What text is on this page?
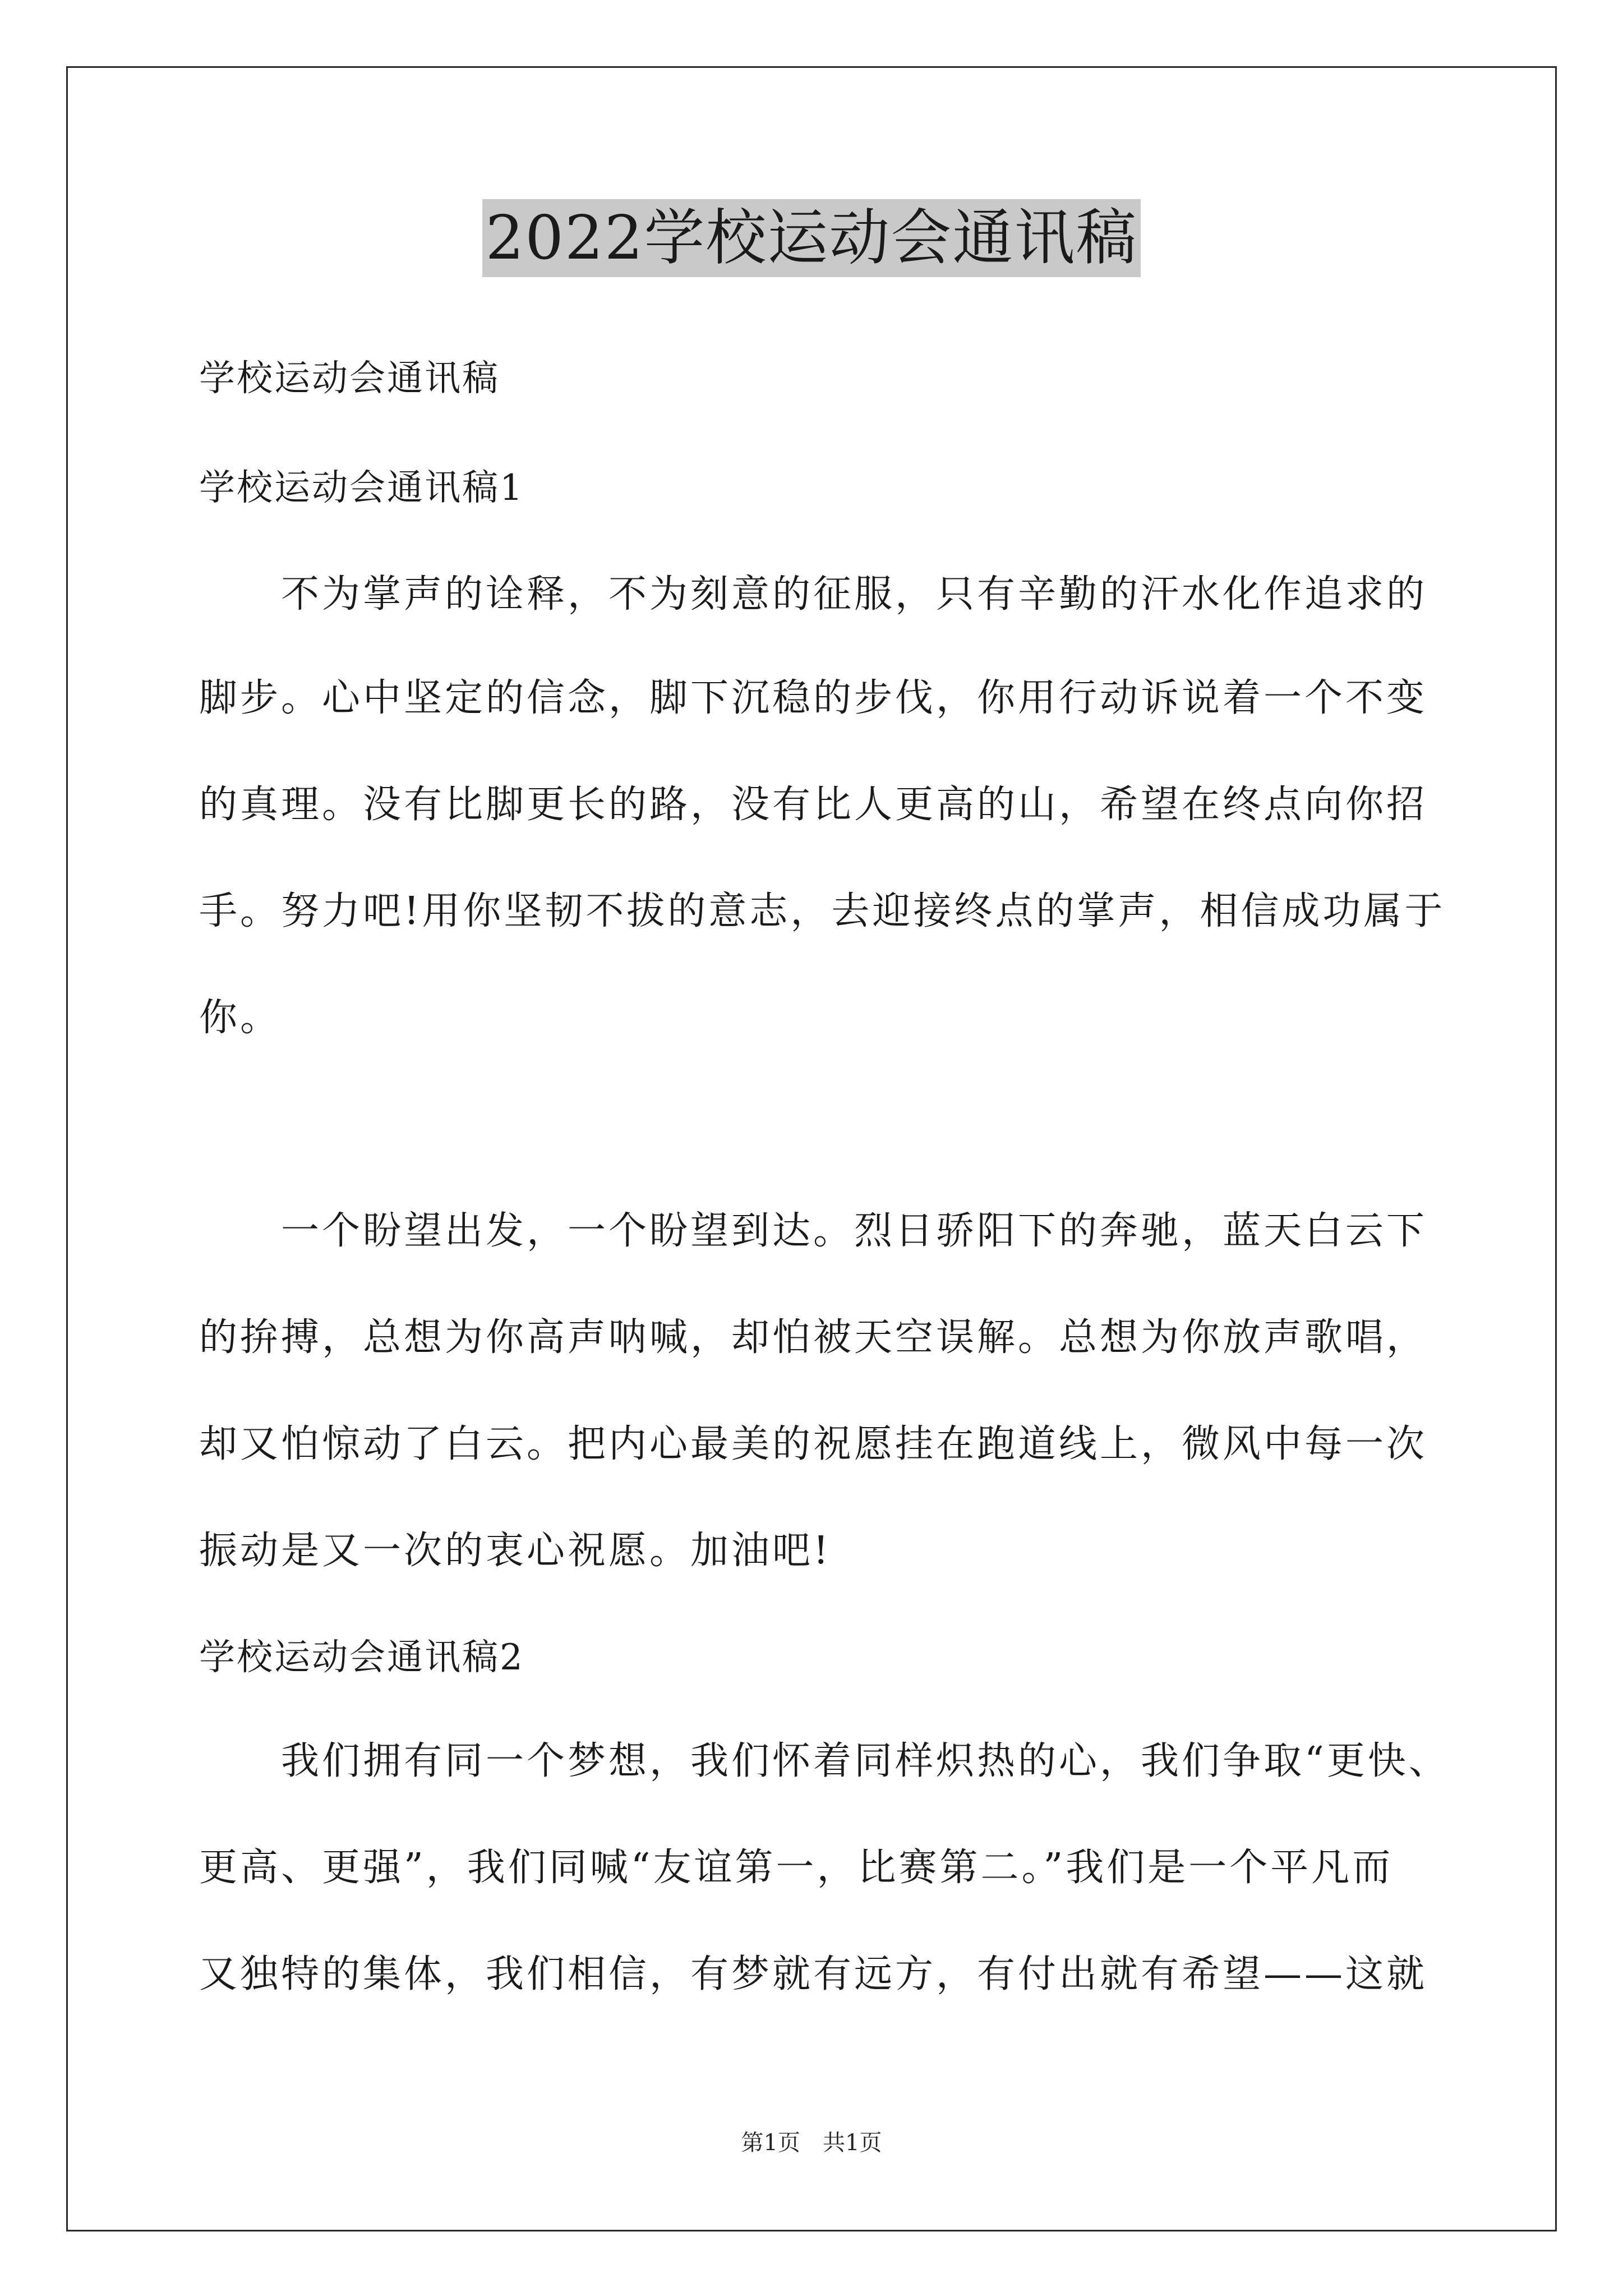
2022学校运动会通讯稿
学校运动会通讯稿
学校运动会通讯稿1
　　不为掌声的诠释，不为刻意的征服，只有辛勤的汗水化作追求的
脚步。心中坚定的信念，脚下沉稳的步伐，你用行动诉说着一个不变
的真理。没有比脚更长的路，没有比人更高的山，希望在终点向你招
手。努力吧!用你坚韧不拔的意志，去迎接终点的掌声，相信成功属于
你。
　　一个盼望出发，一个盼望到达。烈日骄阳下的奔驰，蓝天白云下
的拚搏，总想为你高声呐喊，却怕被天空误解。总想为你放声歌唱，
却又怕惊动了白云。把内心最美的祝愿挂在跑道线上，微风中每一次
振动是又一次的衷心祝愿。加油吧!
学校运动会通讯稿2
　　我们拥有同一个梦想，我们怀着同样炽热的心，我们争取“更快、
更高、更强”，我们同喊“友谊第一，比赛第二。”我们是一个平凡而
又独特的集体，我们相信，有梦就有远方，有付出就有希望——这就
第1页　共1页
